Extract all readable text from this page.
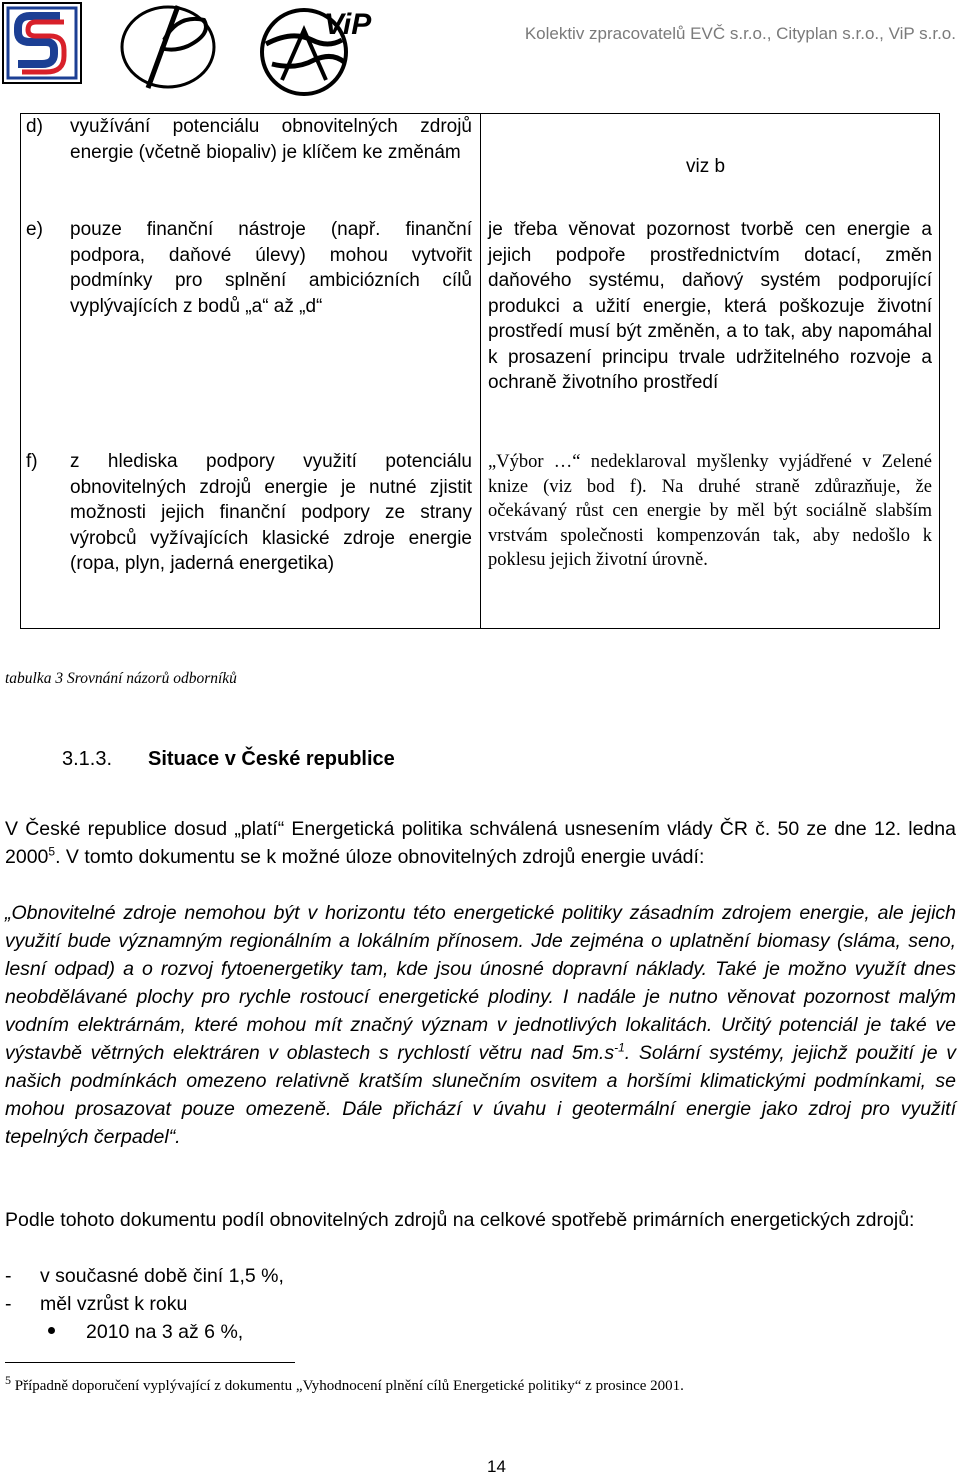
ViP	Kolektiv zpracovatelů EVČ s.r.o., Cityplan s.r.o., ViP s.r.o.
d) využívání potenciálu obnovitelných zdrojů energie (včetně biopaliv) je klíčem ke změnám
viz b
e) pouze finanční nástroje (např. finanční podpora, daňové úlevy) mohou vytvořit podmínky pro splnění ambiciózních cílů vyplývajících z bodů „a“ až „d“
je třeba věnovat pozornost tvorbě cen energie a jejich podpoře prostřednictvím dotací, změn daňového systému, daňový systém podporující produkci a užití energie, která poškozuje životní prostředí musí být změněn, a to tak, aby napomáhal k prosazení principu trvale udržitelného rozvoje a ochraně životního prostředí
f) z hlediska podpory využití potenciálu obnovitelných zdrojů energie je nutné zjistit možnosti jejich finanční podpory ze strany výrobců vyžívajících klasické zdroje energie (ropa, plyn, jaderná energetika)
„Výbor …“ nedeklaroval myšlenky vyjádřené v Zelené knize (viz bod f). Na druhé straně zdůrazňuje, že očekávaný růst cen energie by měl být sociálně slabším vrstvám společnosti kompenzován tak, aby nedošlo k poklesu jejich životní úrovně.
tabulka 3 Srovnání názorů odborníků
3.1.3. Situace v České republice
V České republice dosud „platí“ Energetická politika schválená usnesením vlády ČR č. 50 ze dne 12. ledna 2000$^5$. V tomto dokumentu se k možné úloze obnovitelných zdrojů energie uvádí:
„Obnovitelné zdroje nemohou být v horizontu této energetické politiky zásadním zdrojem energie, ale jejich využití bude významným regionálním a lokálním přínosem. Jde zejména o uplatnění biomasy (sláma, seno, lesní odpad) a o rozvoj fytoenergetiky tam, kde jsou únosné dopravní náklady. Také je možno využít dnes neobdělávané plochy pro rychle rostoucí energetické plodiny. I nadále je nutno věnovat pozornost malým vodním elektrárnám, které mohou mít značný význam v jednotlivých lokalitách. Určitý potenciál je také ve výstavbě větrných elektráren v oblastech s rychlostí větru nad $5m.s^{-1}$. Solární systémy, jejichž použití je v našich podmínkách omezeno relativně kratším slunečním osvitem a horšími klimatickými podmínkami, se mohou prosazovat pouze omezeně. Dále přichází v úvahu i geotermální energie jako zdroj pro využití tepelných čerpadel“.
Podle tohoto dokumentu podíl obnovitelných zdrojů na celkové spotřebě primárních energetických zdrojů:
- v současné době činí 1,5 %,
- měl vzrůst k roku
2010 na 3 až 6 %,
$^5$ Případně doporučení vyplývající z dokumentu „Vyhodnocení plnění cílů Energetické politiky“ z prosince 2001.
14
